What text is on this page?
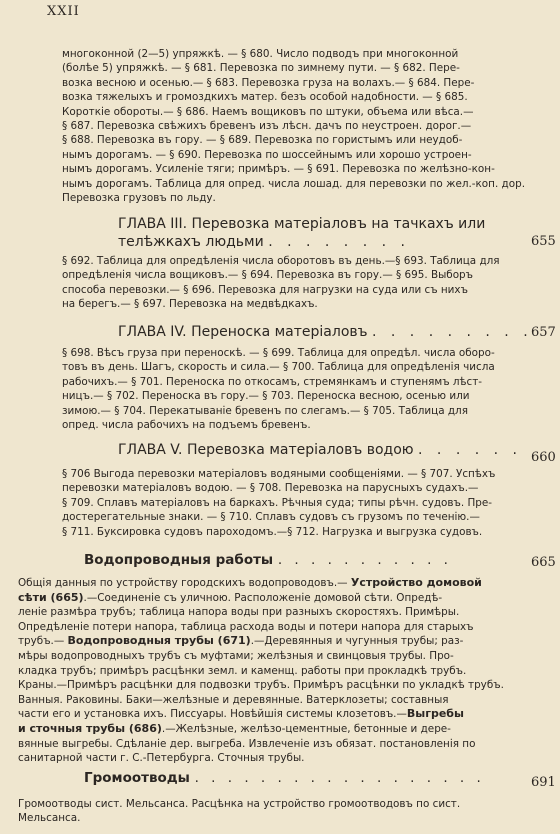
XXII
многоконной (2—5) упряжкѣ. — § 680. Число подводъ при многоконной
(болѣе 5) упряжкѣ. — § 681. Перевозка по зимнему пути. — § 682. Пере-
возка весною и осенью.— § 683. Перевозка груза на волахъ.— § 684. Пере-
возка тяжелыхъ и громоздкихъ матер. безъ особой надобности. — § 685.
Короткіе обороты.— § 686. Наемъ вощиковъ по штуки, объема или вѣса.—
§ 687. Перевозка свѣжихъ бревенъ изъ лѣсн. дачъ по неустроен. дорог.—
§ 688. Перевозка въ гору. — § 689. Перевозка по гористымъ или неудоб-
нымъ дорогамъ. — § 690. Перевозка по шоссейнымъ или хорошо устроен-
нымъ дорогамъ. Усиленіе тяги; примѣръ. — § 691. Перевозка по желѣзно-кон-
нымъ дорогамъ. Таблица для опред. числа лошад. для перевозки по жел.-коп. дор.
Перевозка грузовъ по льду.
ГЛАВА III. Перевозка матеріаловъ на тачкахъ или
телѣжкахъ людьми . . . . . . . .	655
§ 692. Таблица для опредѣленія числа оборотовъ въ день.—§ 693. Таблица для
опредѣленія числа вощиковъ.— § 694. Перевозка въ гору.— § 695. Выборъ
способа перевозки.— § 696. Перевозка для нагрузки на суда или съ нихъ
на берегъ.— § 697. Перевозка на медвѣдкахъ.
ГЛАВА IV. Переноска матеріаловъ . . . . . . . . .
657
§ 698. Вѣсъ груза при переноскѣ. — § 699. Таблица для опредѣл. числа оборо-
товъ въ день. Шагъ, скорость и сила.— § 700. Таблица для опредѣленія числа
рабочихъ.— § 701. Переноска по откосамъ, стремянкамъ и ступенямъ лѣст-
ницъ.— § 702. Переноска въ гору.— § 703. Переноска весною, осенью или
зимою.— § 704. Перекатываніе бревенъ по слегамъ.— § 705. Таблица для
опред. числа рабочихъ на подъемъ бревенъ.
ГЛАВА V. Перевозка матеріаловъ водою . . . . . . 660
§ 706 Выгода перевозки матеріаловъ водяными сообщеніями. — § 707. Успѣхъ
перевозки матеріаловъ водою. — § 708. Перевозка на парусныхъ судахъ.—
§ 709. Сплавъ матеріаловъ на баркахъ. Рѣчныя суда; типы рѣчн. судовъ. Пре-
достерегательные знаки. — § 710. Сплавъ судовъ съ грузомъ по теченію.—
§ 711. Буксировка судовъ пароходомъ.—§ 712. Нагрузка и выгрузка судовъ.
Водопроводныя работы . . . . . . . . . . .	665
Общія данныя по устройству городскихъ водопроводовъ.— Устройство домовой
сѣти (665).—Соединеніе съ уличною. Расположеніе домовой сѣти. Опредѣ-
леніе размѣра трубъ; таблица напора воды при разныхъ скоростяхъ. Примѣры.
Опредѣленіе потери напора, таблица расхода воды и потери напора для старыхъ
трубъ.— Водопроводныя трубы (671).—Деревянныя и чугунныя трубы; раз-
мѣры водопроводныхъ трубъ съ муфтами; желѣзныя и свинцовыя трубы. Про-
кладка трубъ; примѣръ расцѣнки земл. и каменщ. работы при прокладкѣ трубъ.
Краны.—Примѣръ расцѣнки для подвозки трубъ. Примѣръ расцѣнки по укладкѣ трубъ.
Ванныя. Раковины. Баки—желѣзные и деревянные. Ватерклозеты; составныя
части его и установка ихъ. Писсуары. Новѣйшія системы клозетовъ.—Выгребы
и сточныя трубы (686).—Желѣзные, желѣзо-цементные, бетонные и дере-
вянные выгребы. Сдѣланіе дер. выгреба. Извлеченіе изъ обязат. постановленія по
санитарной части г. С.-Петербурга. Сточныя трубы.
Громоотводы . . . . . . . . . . . . . . . . . .	691
Громоотводы сист. Мельсанса. Расцѣнка на устройство громоотводовъ по сист.
Мельсанса.
